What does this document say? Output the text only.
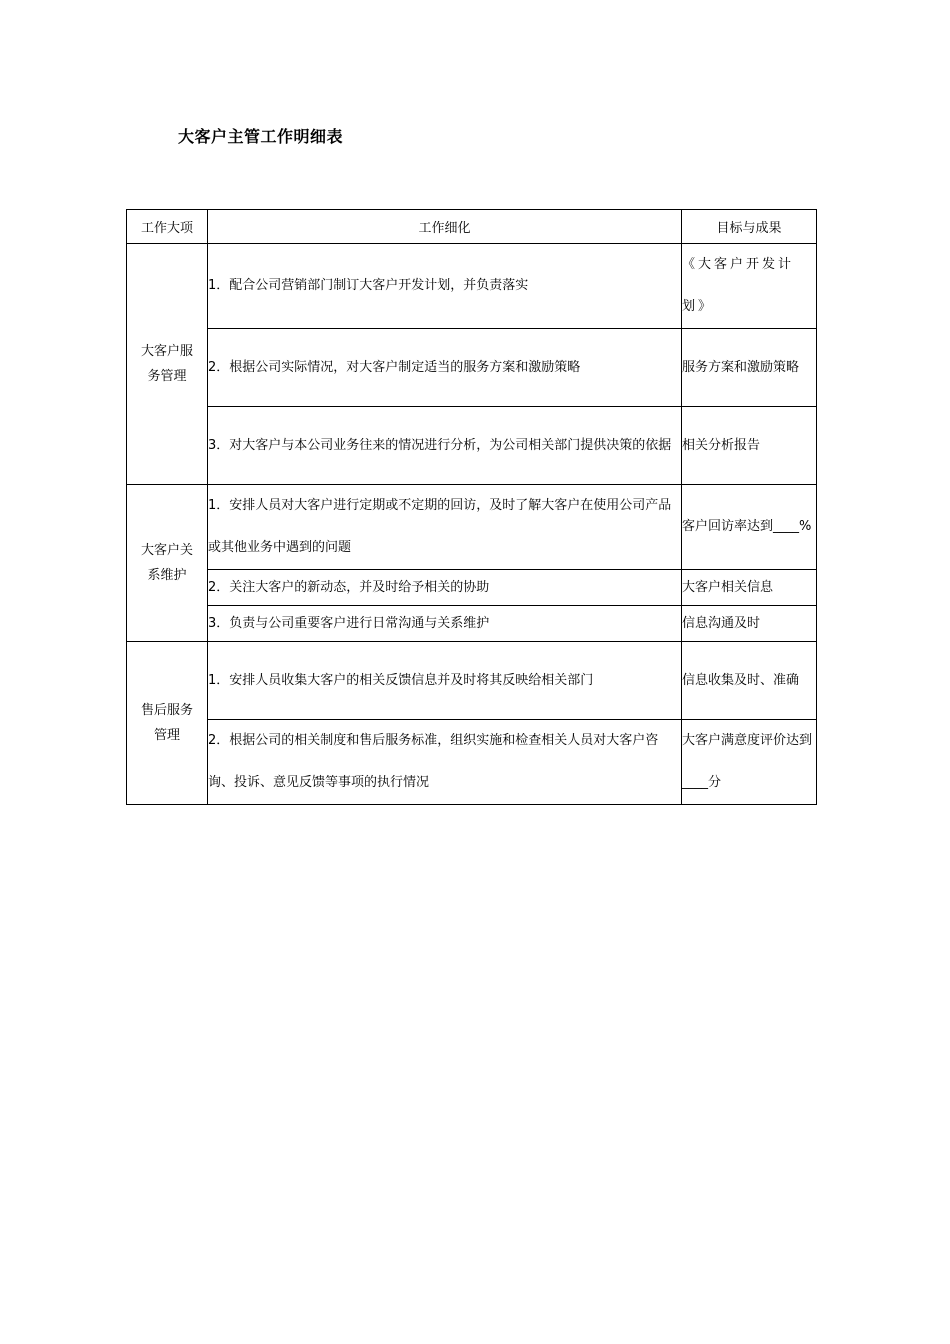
大客户主管工作明细表
工作大项	工作细化	目标与成果
大客户服务管理	1．配合公司营销部门制订大客户开发计划，并负责落实	《大客户开发计划》
	2．根据公司实际情况，对大客户制定适当的服务方案和激励策略	服务方案和激励策略
	3．对大客户与本公司业务往来的情况进行分析，为公司相关部门提供决策的依据	相关分析报告
大客户关系维护	1．安排人员对大客户进行定期或不定期的回访，及时了解大客户在使用公司产品或其他业务中遇到的问题	客户回访率达到____%
	2．关注大客户的新动态，并及时给予相关的协助	大客户相关信息
	3．负责与公司重要客户进行日常沟通与关系维护	信息沟通及时
售后服务管理	1．安排人员收集大客户的相关反馈信息并及时将其反映给相关部门	信息收集及时、准确
	2．根据公司的相关制度和售后服务标准，组织实施和检查相关人员对大客户咨询、投诉、意见反馈等事项的执行情况	大客户满意度评价达到____分
